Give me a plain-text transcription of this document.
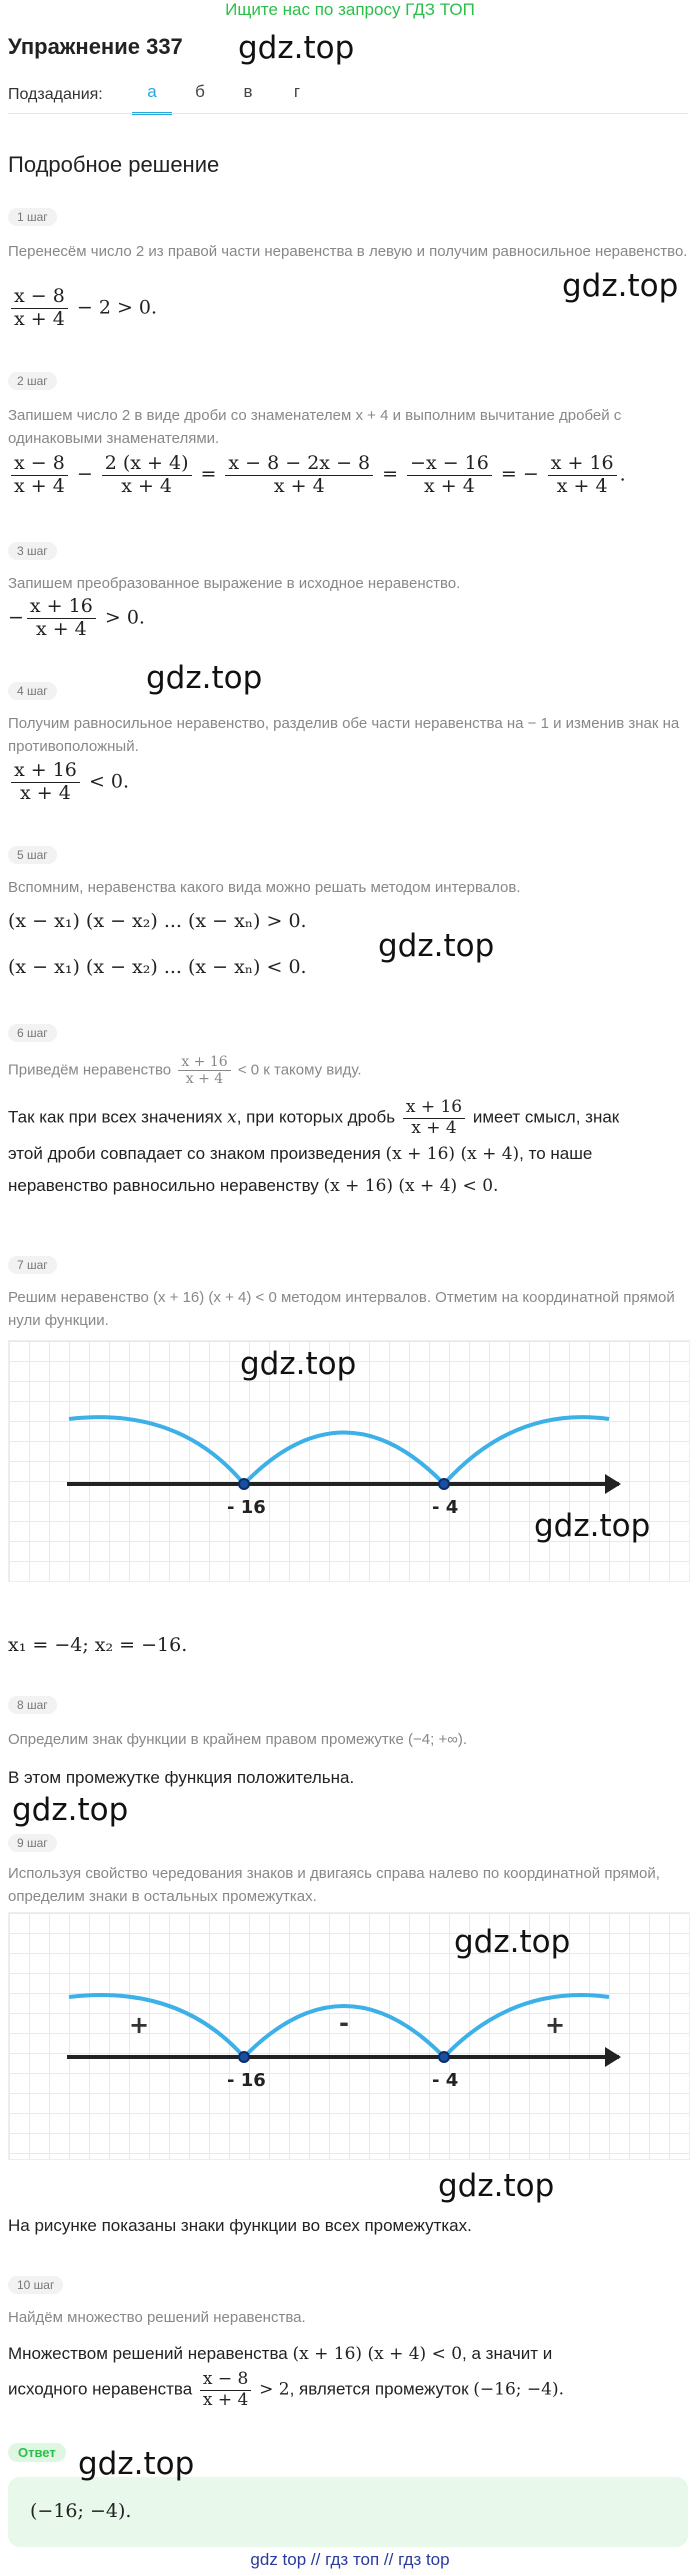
Ищите нас по запросу ГДЗ ТОП
Упражнение 337 gdz.top
Подзадания:	а	б	в	г
Подробное решение
1 шаг
Перенесём число 2 из правой части неравенства в левую и получим равносильное неравенство.
gdz.top
$\frac{x - 8}{x + 4} - 2 > 0$.
2 шаг
Запишем число 2 в виде дроби со знаменателем x + 4 и выполним вычитание дробей с одинаковыми знаменателями.
$\frac{x - 8}{x + 4} - \frac{2 (x + 4)}{x + 4} = \frac{x - 8 - 2x - 8}{x + 4} = \frac{-x - 16}{x + 4}$ = − $\frac{x + 16}{x + 4}$ .
3 шаг
Запишем преобразованное выражение в исходное неравенство.
− $\frac{x + 16}{x + 4} > 0$.
gdz.top
4 шаг
Получим равносильное неравенство, разделив обе части неравенства на − 1 и изменив знак на противоположный.
$\frac{x + 16}{x + 4} < 0$.
5 шаг
Вспомним, неравенства какого вида можно решать методом интервалов.
(x − x₁) (x − x₂) ... (x − xₙ) > 0.
gdz.top
(x − x₁) (x − x₂) ... (x − xₙ) < 0.
6 шаг
Приведём неравенство $\frac{x + 16}{x + 4} < 0$ к такому виду.
Так как при всех значениях x, при которых дробь $\frac{x + 16}{x + 4}$ имеет смысл, знак
этой дроби совпадает со знаком произведения (x + 16) (x + 4), то наше
неравенство равносильно неравенству (x + 16) (x + 4) < 0.
7 шаг
Решим неравенство (x + 16) (x + 4) < 0 методом интервалов. Отметим на координатной прямой нули функции.
- 16	- 4
gdz.top
gdz.top
x₁ = −4; x₂ = −16.
8 шаг
Определим знак функции в крайнем правом промежутке (−4; +∞).
В этом промежутке функция положительна.
gdz.top
9 шаг
Используя свойство чередования знаков и двигаясь справа налево по координатной прямой, определим знаки в остальных промежутках.
+	-	+
- 16	- 4
gdz.top
gdz.top
На рисунке показаны знаки функции во всех промежутках.
10 шаг
Найдём множество решений неравенства.
Множеством решений неравенства (x + 16) (x + 4) < 0, а значит и
исходного неравенства $\frac{x - 8}{x + 4} > 2$, является промежуток (−16; −4).
Ответ gdz.top
(−16; −4).
gdz top // гдз топ // гдз top
